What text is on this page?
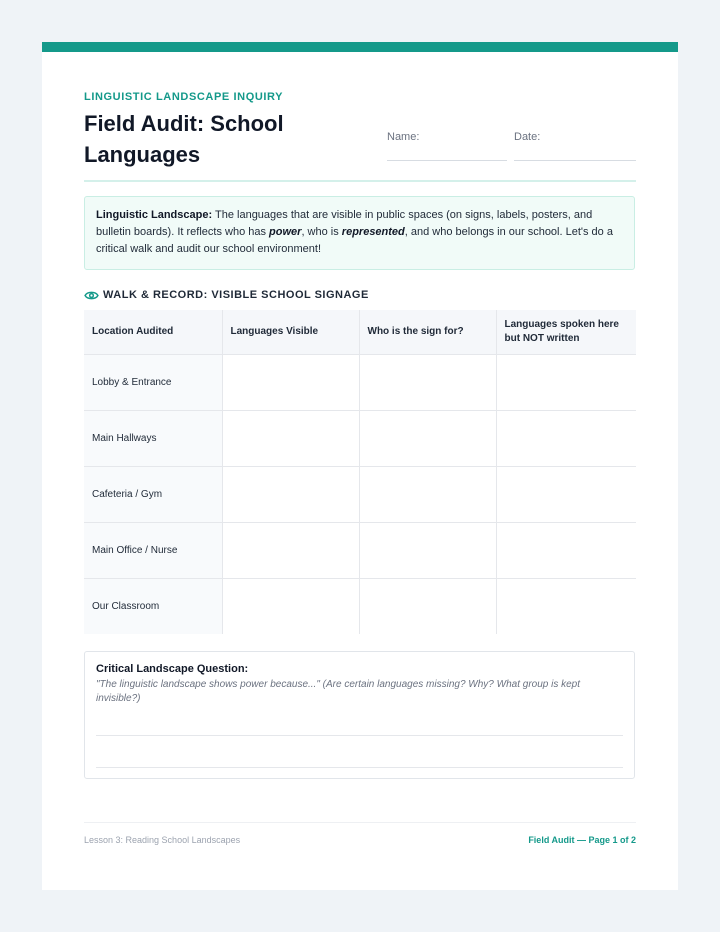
LINGUISTIC LANDSCAPE INQUIRY
Field Audit: School Languages
Name:	Date:
Linguistic Landscape: The languages that are visible in public spaces (on signs, labels, posters, and bulletin boards). It reflects who has power, who is represented, and who belongs in our school. Let's do a critical walk and audit our school environment!
WALK & RECORD: VISIBLE SCHOOL SIGNAGE
Location Audited	Languages Visible	Who is the sign for?	Languages spoken here but NOT written
Lobby & Entrance			
Main Hallways			
Cafeteria / Gym			
Main Office / Nurse			
Our Classroom			
Critical Landscape Question:
"The linguistic landscape shows power because..." (Are certain languages missing? Why? What group is kept invisible?)
Lesson 3: Reading School Landscapes	Field Audit — Page 1 of 2
